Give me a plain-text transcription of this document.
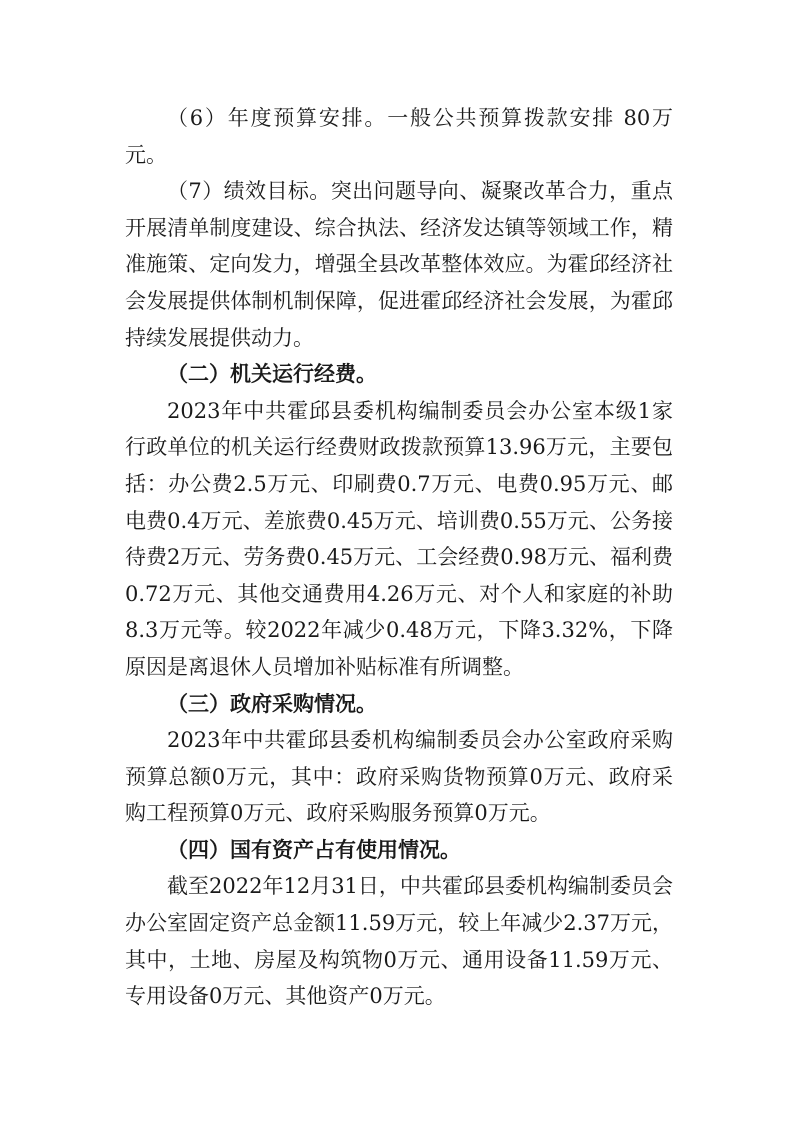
（6）年度预算安排。一般公共预算拨款安排 80万元。

（7）绩效目标。突出问题导向、凝聚改革合力，重点开展清单制度建设、综合执法、经济发达镇等领域工作，精准施策、定向发力，增强全县改革整体效应。为霍邱经济社会发展提供体制机制保障，促进霍邱经济社会发展，为霍邱持续发展提供动力。

（二）机关运行经费。

2023年中共霍邱县委机构编制委员会办公室本级1家行政单位的机关运行经费财政拨款预算13.96万元，主要包括：办公费2.5万元、印刷费0.7万元、电费0.95万元、邮电费0.4万元、差旅费0.45万元、培训费0.55万元、公务接待费2万元、劳务费0.45万元、工会经费0.98万元、福利费0.72万元、其他交通费用4.26万元、对个人和家庭的补助8.3万元等。较2022年减少0.48万元，下降3.32%，下降原因是离退休人员增加补贴标准有所调整。

（三）政府采购情况。

2023年中共霍邱县委机构编制委员会办公室政府采购预算总额0万元，其中：政府采购货物预算0万元、政府采购工程预算0万元、政府采购服务预算0万元。

（四）国有资产占有使用情况。

截至2022年12月31日，中共霍邱县委机构编制委员会办公室固定资产总金额11.59万元，较上年减少2.37万元，其中，土地、房屋及构筑物0万元、通用设备11.59万元、专用设备0万元、其他资产0万元。
